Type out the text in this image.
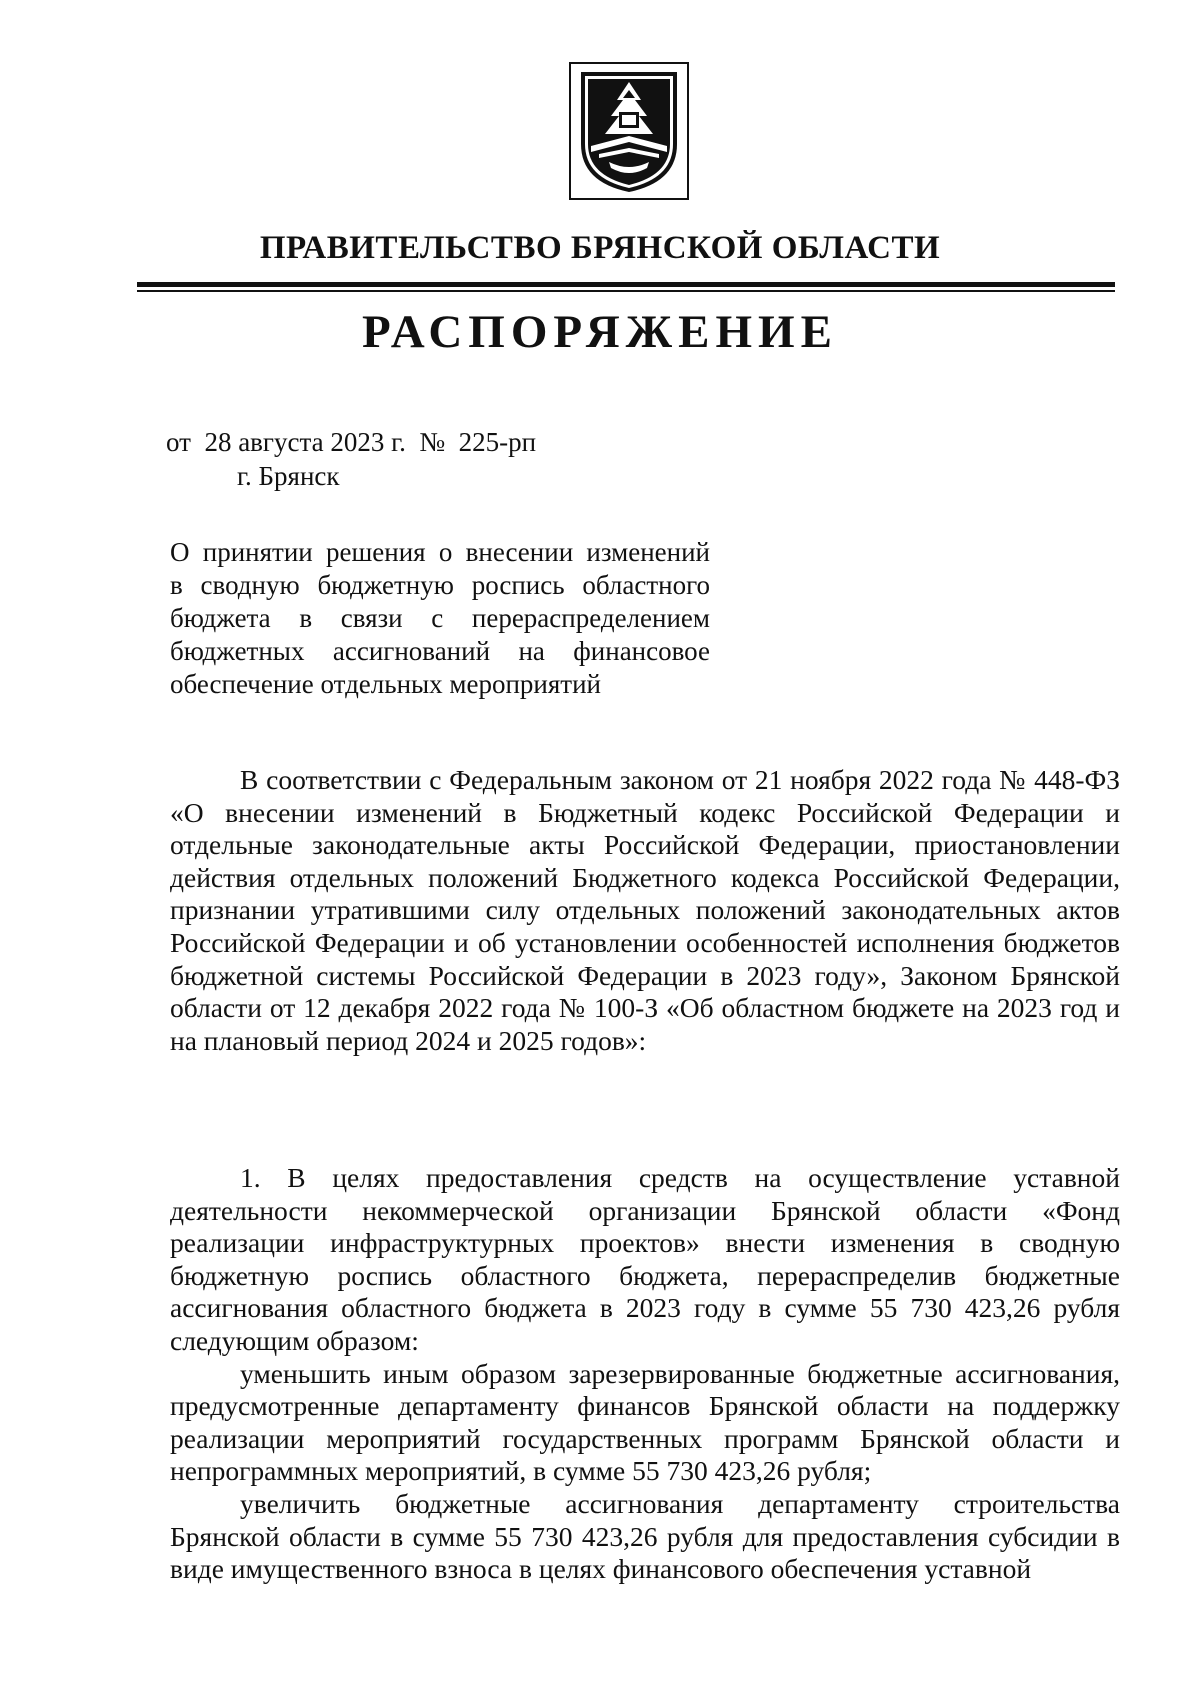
ПРАВИТЕЛЬСТВО БРЯНСКОЙ ОБЛАСТИ
РАСПОРЯЖЕНИЕ
от  28 августа 2023 г.  №  225-рп
г. Брянск
О принятии решения о внесении изменений
в сводную бюджетную роспись областного
бюджета в связи с перераспределением
бюджетных ассигнований на финансовое
обеспечение отдельных мероприятий

В соответствии с Федеральным законом от 21 ноября 2022 года № 448-ФЗ «О внесении изменений в Бюджетный кодекс Российской Федерации и отдельные законодательные акты Российской Федерации, приостановлении действия отдельных положений Бюджетного кодекса Российской Федерации, признании утратившими силу отдельных положений законодательных актов Российской Федерации и об установлении особенностей исполнения бюджетов бюджетной системы Российской Федерации в 2023 году», Законом Брянской области от 12 декабря 2022 года № 100-З «Об областном бюджете на 2023 год и на плановый период 2024 и 2025 годов»:

1. В целях предоставления средств на осуществление уставной деятельности некоммерческой организации Брянской области «Фонд реализации инфраструктурных проектов» внести изменения в сводную бюджетную роспись областного бюджета, перераспределив бюджетные ассигнования областного бюджета в 2023 году в сумме 55 730 423,26 рубля следующим образом:

уменьшить иным образом зарезервированные бюджетные ассигнования, предусмотренные департаменту финансов Брянской области на поддержку реализации мероприятий государственных программ Брянской области и непрограммных мероприятий, в сумме 55 730 423,26 рубля;

увеличить бюджетные ассигнования департаменту строительства Брянской области в сумме 55 730 423,26 рубля для предоставления субсидии в виде имущественного взноса в целях финансового обеспечения уставной
